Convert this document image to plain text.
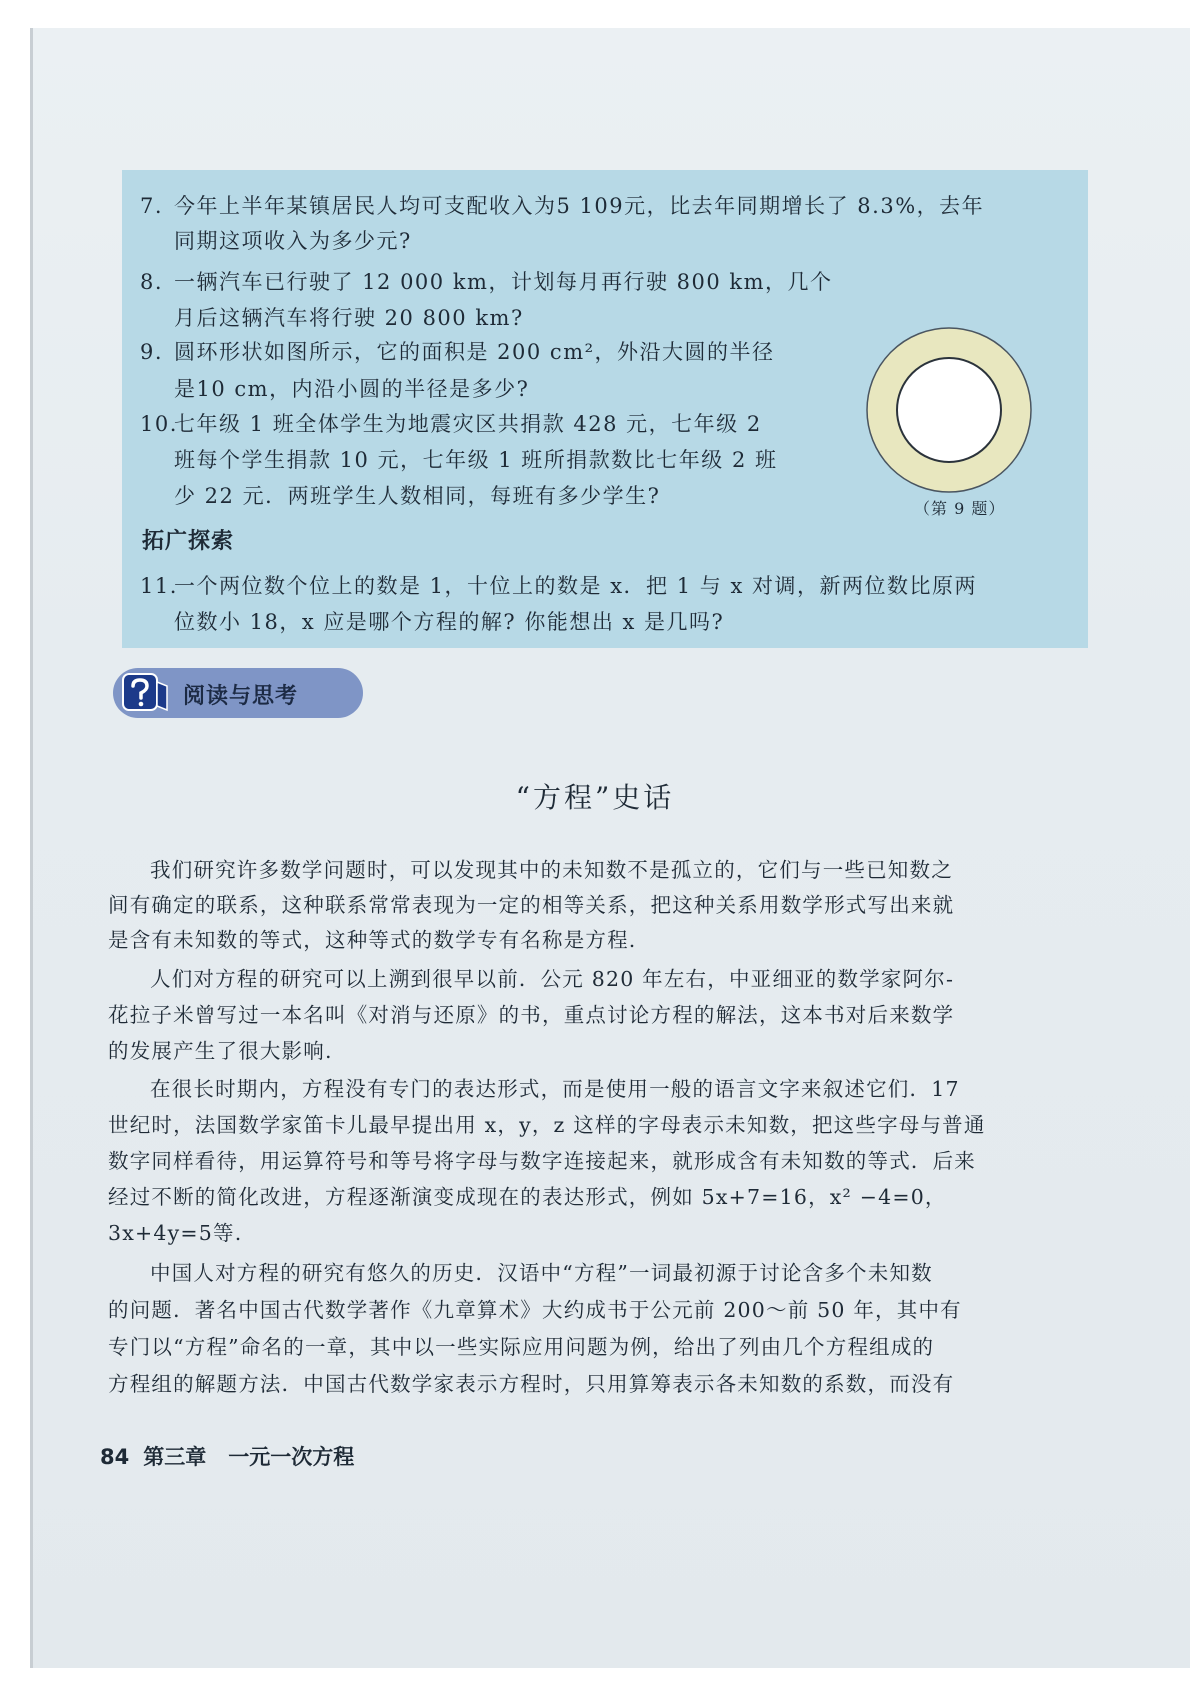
7. 今年上半年某镇居民人均可支配收入为5 109元，比去年同期增长了 8.3%，去年
同期这项收入为多少元?
8. 一辆汽车已行驶了 12 000 km，计划每月再行驶 800 km，几个
月后这辆汽车将行驶 20 800 km?
9. 圆环形状如图所示，它的面积是 200 cm²，外沿大圆的半径
是10 cm，内沿小圆的半径是多少?
10.七年级 1 班全体学生为地震灾区共捐款 428 元，七年级 2
班每个学生捐款 10 元，七年级 1 班所捐款数比七年级 2 班
少 22 元．两班学生人数相同，每班有多少学生?
（第 9 题）
拓广探索
11.一个两位数个位上的数是 1，十位上的数是 x．把 1 与 x 对调，新两位数比原两
位数小 18，x 应是哪个方程的解? 你能想出 x 是几吗?
阅读与思考
“方程”史话
我们研究许多数学问题时，可以发现其中的未知数不是孤立的，它们与一些已知数之
间有确定的联系，这种联系常常表现为一定的相等关系，把这种关系用数学形式写出来就
是含有未知数的等式，这种等式的数学专有名称是方程.
人们对方程的研究可以上溯到很早以前．公元 820 年左右，中亚细亚的数学家阿尔-
花拉子米曾写过一本名叫《对消与还原》的书，重点讨论方程的解法，这本书对后来数学
的发展产生了很大影响.
在很长时期内，方程没有专门的表达形式，而是使用一般的语言文字来叙述它们．17
世纪时，法国数学家笛卡儿最早提出用 x，y，z 这样的字母表示未知数，把这些字母与普通
数字同样看待，用运算符号和等号将字母与数字连接起来，就形成含有未知数的等式．后来
经过不断的简化改进，方程逐渐演变成现在的表达形式，例如 5x+7=16，x² −4=0，
3x+4y=5等.
中国人对方程的研究有悠久的历史．汉语中“方程”一词最初源于讨论含多个未知数
的问题．著名中国古代数学著作《九章算术》大约成书于公元前 200～前 50 年，其中有
专门以“方程”命名的一章，其中以一些实际应用问题为例，给出了列由几个方程组成的
方程组的解题方法．中国古代数学家表示方程时，只用算筹表示各未知数的系数，而没有
84 第三章 一元一次方程
